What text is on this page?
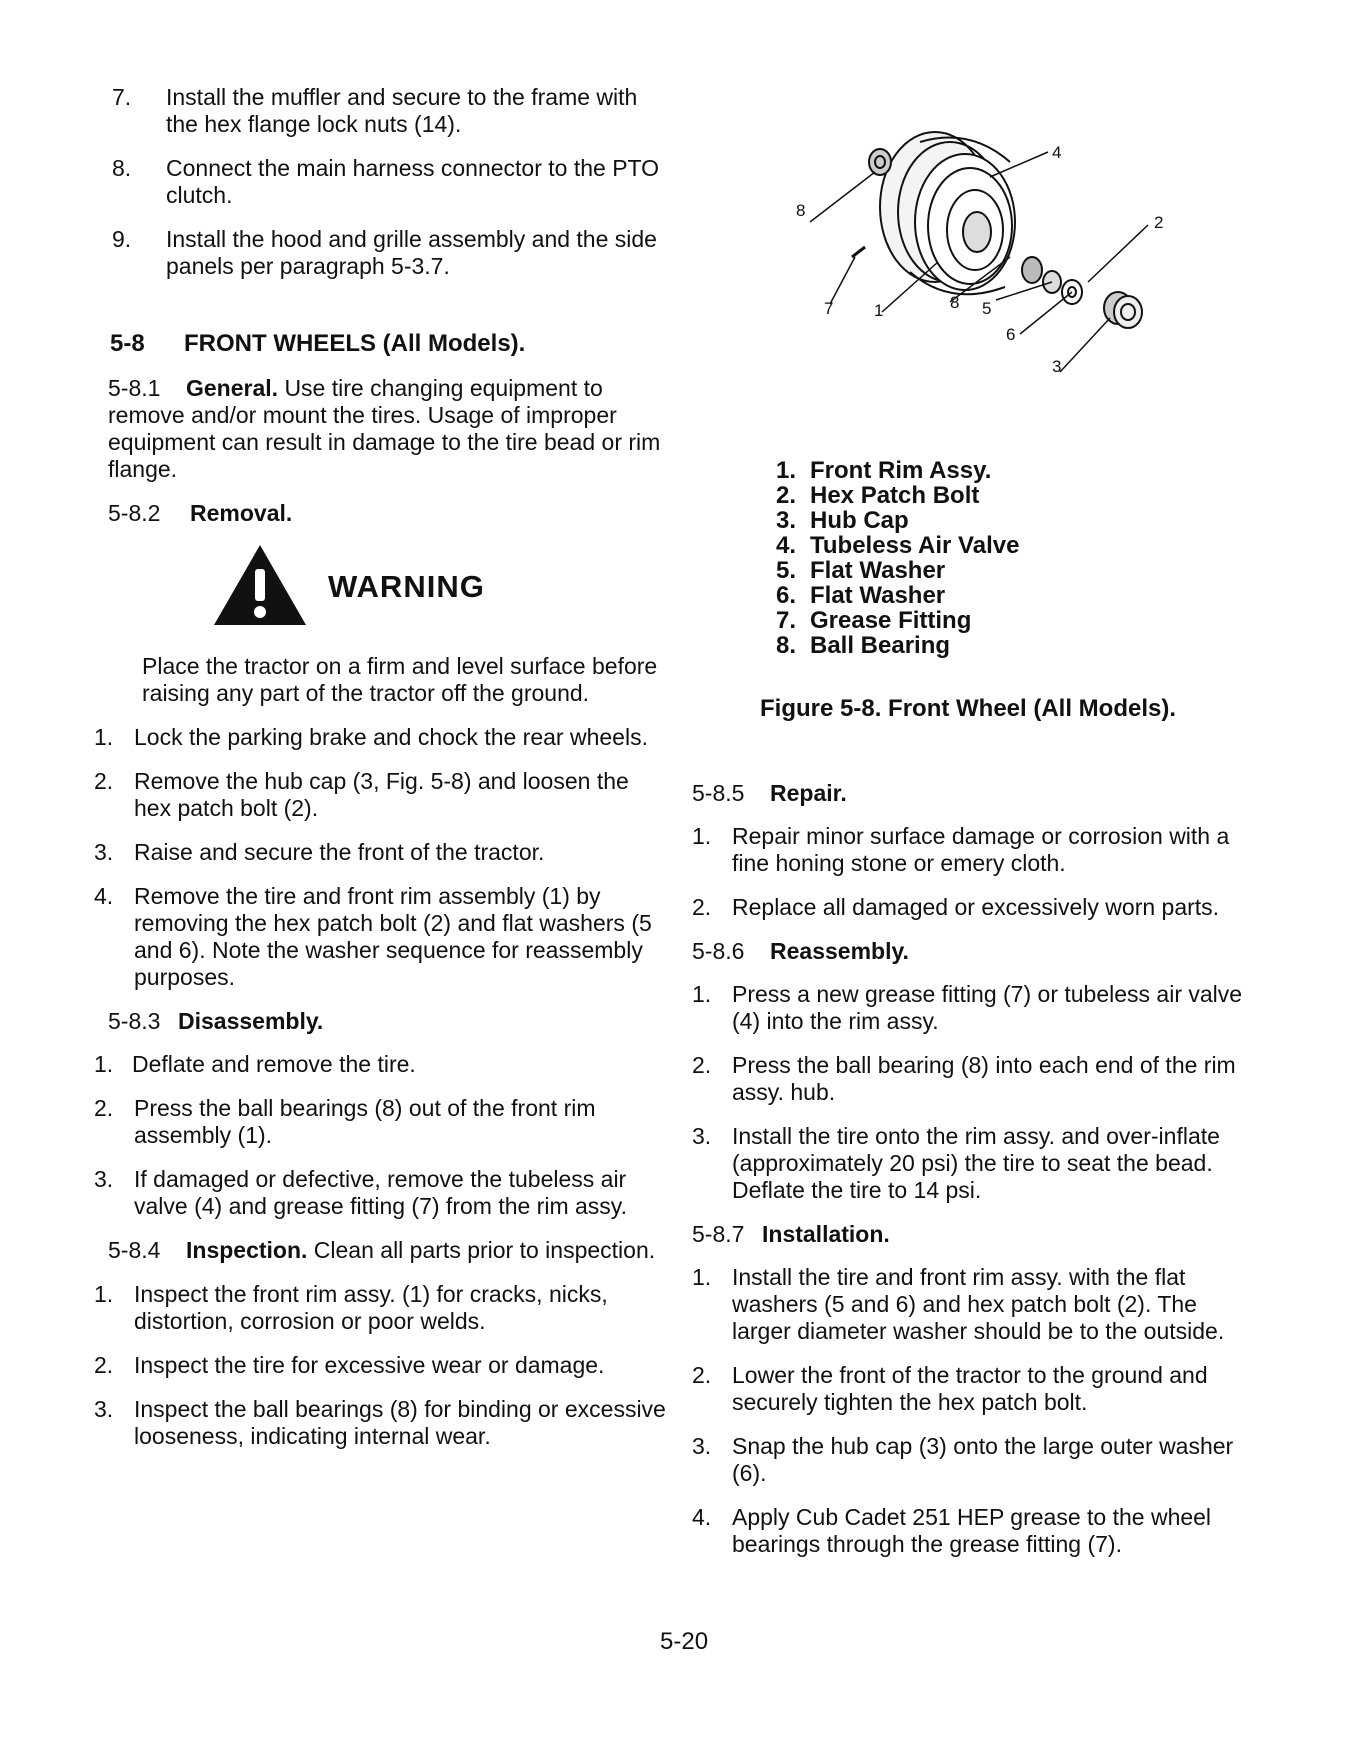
7.	Install the muffler and secure to the frame with the hex flange lock nuts (14).
8.	Connect the main harness connector to the PTO clutch.
9.	Install the hood and grille assembly and the side panels per paragraph 5-3.7.
5-8 FRONT WHEELS (All Models).
5-8.1 General. Use tire changing equipment to remove and/or mount the tires. Usage of improper equipment can result in damage to the tire bead or rim flange.
5-8.2 Removal.
WARNING
Place the tractor on a firm and level surface before raising any part of the tractor off the ground.
1. Lock the parking brake and chock the rear wheels.
2. Remove the hub cap (3, Fig. 5-8) and loosen the hex patch bolt (2).
3. Raise and secure the front of the tractor.
4. Remove the tire and front rim assembly (1) by removing the hex patch bolt (2) and flat washers (5 and 6). Note the washer sequence for reassembly purposes.
5-8.3 Disassembly.
1. Deflate and remove the tire.
2. Press the ball bearings (8) out of the front rim assembly (1).
3. If damaged or defective, remove the tubeless air valve (4) and grease fitting (7) from the rim assy.
5-8.4 Inspection. Clean all parts prior to inspection.
1. Inspect the front rim assy. (1) for cracks, nicks, distortion, corrosion or poor welds.
2. Inspect the tire for excessive wear or damage.
3. Inspect the ball bearings (8) for binding or excessive looseness, indicating internal wear.
8
4
2
7 1	8 5
6
3
1. Front Rim Assy.
2. Hex Patch Bolt
3. Hub Cap
4. Tubeless Air Valve
5. Flat Washer
6. Flat Washer
7. Grease Fitting
8. Ball Bearing
Figure 5-8. Front Wheel (All Models).
5-8.5 Repair.
1. Repair minor surface damage or corrosion with a fine honing stone or emery cloth.
2. Replace all damaged or excessively worn parts.
5-8.6 Reassembly.
1. Press a new grease fitting (7) or tubeless air valve (4) into the rim assy.
2. Press the ball bearing (8) into each end of the rim assy. hub.
3. Install the tire onto the rim assy. and over-inflate (approximately 20 psi) the tire to seat the bead. Deflate the tire to 14 psi.
5-8.7 Installation.
1. Install the tire and front rim assy. with the flat washers (5 and 6) and hex patch bolt (2). The larger diameter washer should be to the outside.
2. Lower the front of the tractor to the ground and securely tighten the hex patch bolt.
3. Snap the hub cap (3) onto the large outer washer (6).
4. Apply Cub Cadet 251 HEP grease to the wheel bearings through the grease fitting (7).
5-20
